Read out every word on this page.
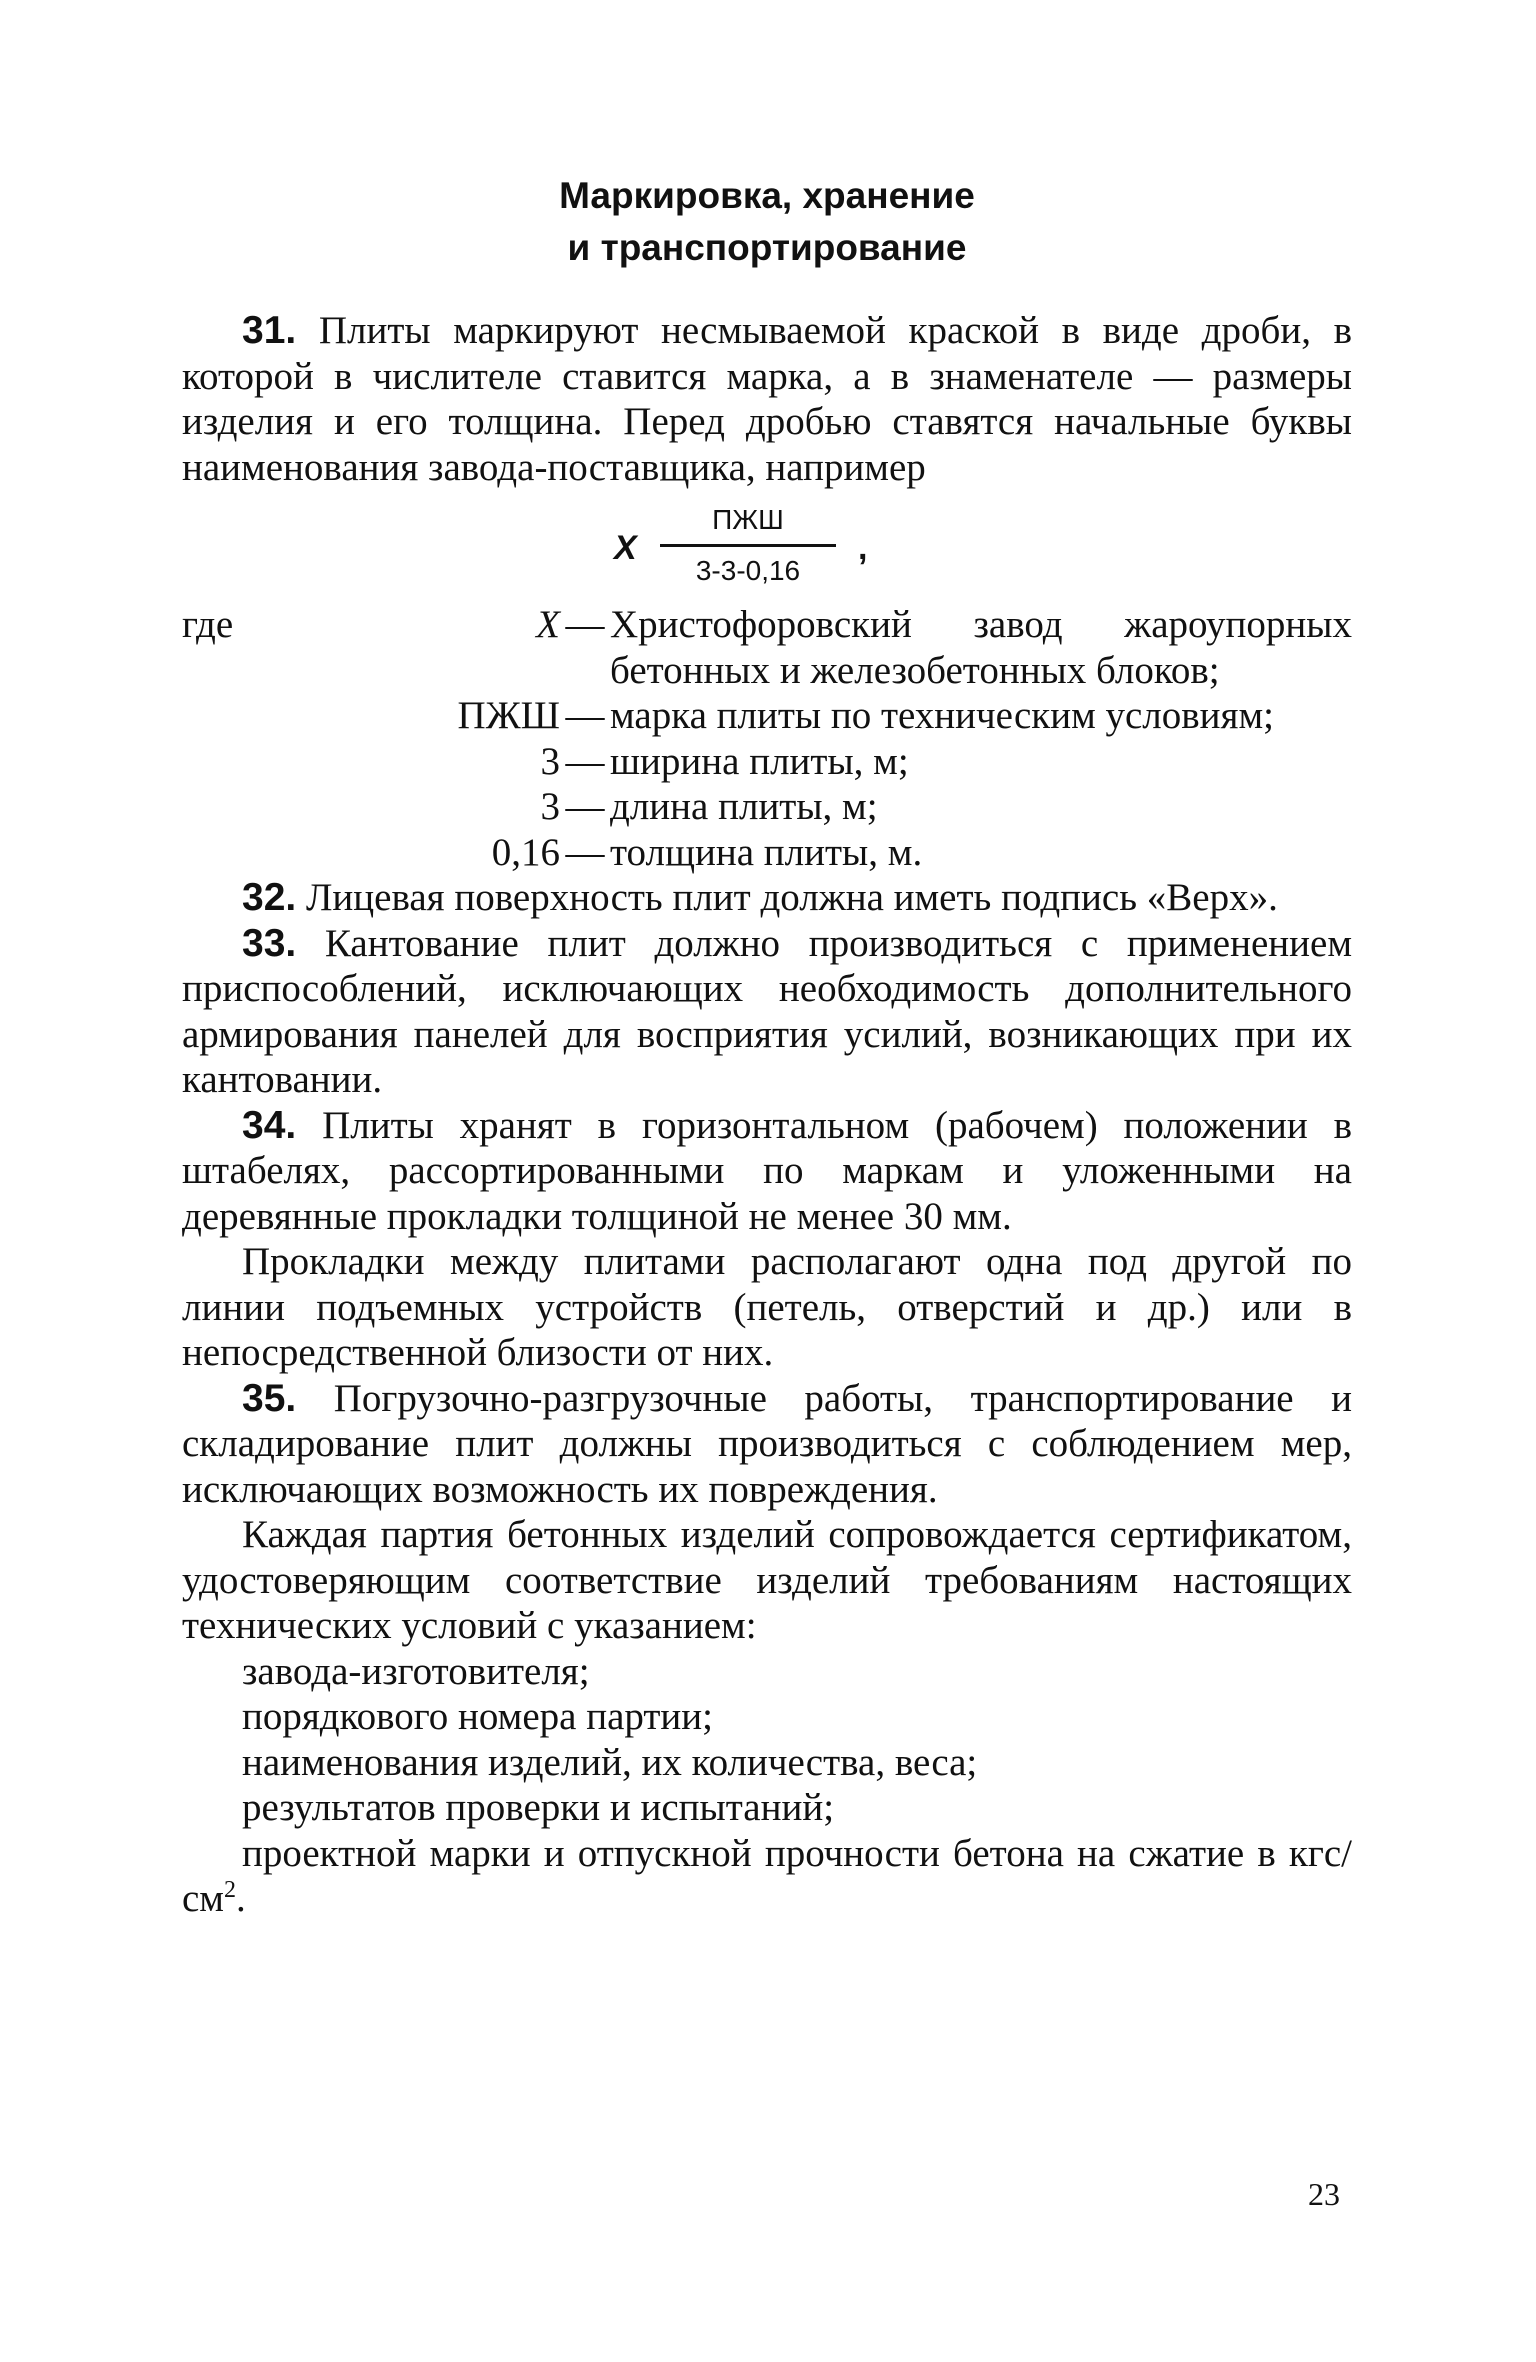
Маркировка, хранение
и транспортирование

31. Плиты маркируют несмываемой краской в виде дроби, в которой в числителе ставится марка, а в знаменателе — размеры изделия и его толщина. Перед дробью ставятся начальные буквы наименования завода-поставщика, например

Х
ПЖШ
3-3-0,16
,
где	Х	—	Христофоровский завод жароупорных бетонных и железобетонных блоков;
ПЖШ		—	марка плиты по техническим условиям;
3		—	ширина плиты, м;
3		—	длина плиты, м;
0,16		—	толщина плиты, м.

32. Лицевая поверхность плит должна иметь подпись «Верх».

33. Кантование плит должно производиться с применением приспособлений, исключающих необходимость дополнительного армирования панелей для восприятия усилий, возникающих при их кантовании.

34. Плиты хранят в горизонтальном (рабочем) положении в штабелях, рассортированными по маркам и уложенными на деревянные прокладки толщиной не менее 30 мм.

Прокладки между плитами располагают одна под другой по линии подъемных устройств (петель, отверстий и др.) или в непосредственной близости от них.

35. Погрузочно-разгрузочные работы, транспортирование и складирование плит должны производиться с соблюдением мер, исключающих возможность их повреждения.

Каждая партия бетонных изделий сопровождается сертификатом, удостоверяющим соответствие изделий требованиям настоящих технических условий с указанием:

завода-изготовителя;

порядкового номера партии;

наименования изделий, их количества, веса;

результатов проверки и испытаний;

проектной марки и отпускной прочности бетона на сжатие в кгс/$см^2$.

23
